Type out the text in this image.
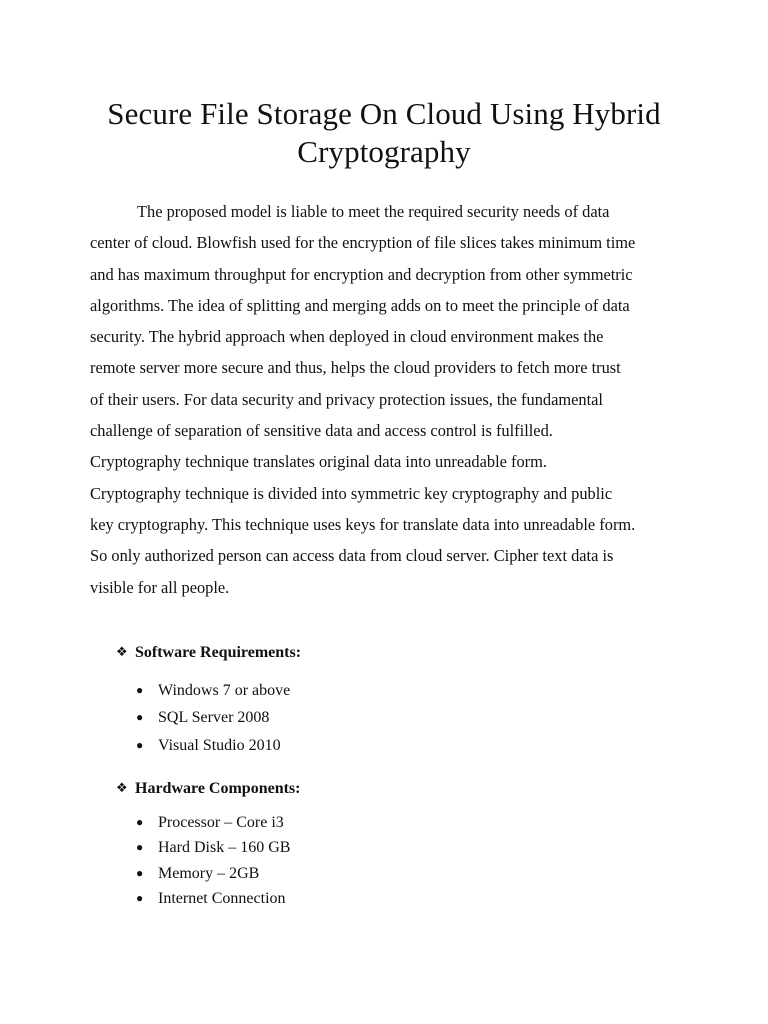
Secure File Storage On Cloud Using Hybrid
Cryptography

The proposed model is liable to meet the required security needs of data
center of cloud. Blowfish used for the encryption of file slices takes minimum time
and has maximum throughput for encryption and decryption from other symmetric
algorithms. The idea of splitting and merging adds on to meet the principle of data
security. The hybrid approach when deployed in cloud environment makes the
remote server more secure and thus, helps the cloud providers to fetch more trust
of their users. For data security and privacy protection issues, the fundamental
challenge of separation of sensitive data and access control is fulfilled.
Cryptography technique translates original data into unreadable form.
Cryptography technique is divided into symmetric key cryptography and public
key cryptography. This technique uses keys for translate data into unreadable form.
So only authorized person can access data from cloud server. Cipher text data is
visible for all people.

❖ Software Requirements:
● Windows 7 or above
● SQL Server 2008
● Visual Studio 2010
❖ Hardware Components:
● Processor – Core i3
● Hard Disk – 160 GB
● Memory – 2GB
● Internet Connection
